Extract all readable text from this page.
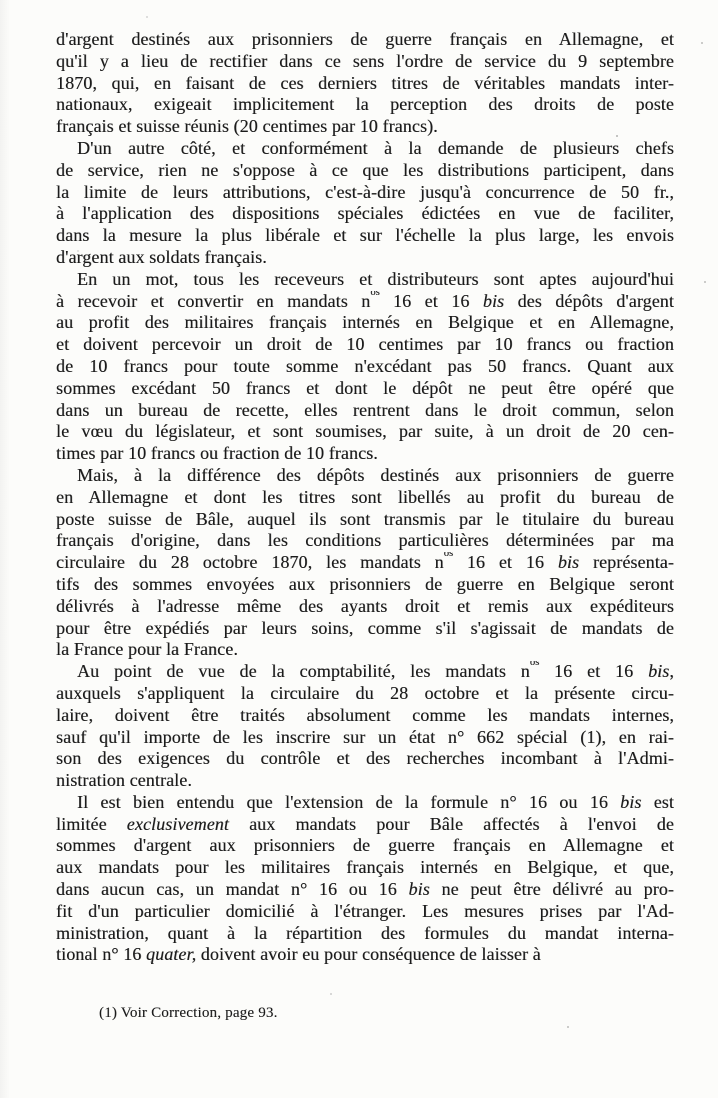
d'argent destinés aux prisonniers de guerre français en Allemagne, et
qu'il y a lieu de rectifier dans ce sens l'ordre de service du 9 septembre
1870, qui, en faisant de ces derniers titres de véritables mandats inter-
nationaux, exigeait implicitement la perception des droits de poste
français et suisse réunis (20 centimes par 10 francs).
D'un autre côté, et conformément à la demande de plusieurs chefs
de service, rien ne s'oppose à ce que les distributions participent, dans
la limite de leurs attributions, c'est-à-dire jusqu'à concurrence de 50 fr.,
à l'application des dispositions spéciales édictées en vue de faciliter,
dans la mesure la plus libérale et sur l'échelle la plus large, les envois
d'argent aux soldats français.
En un mot, tous les receveurs et distributeurs sont aptes aujourd'hui
à recevoir et convertir en mandats $n^{os}$ 16 et 16 bis des dépôts d'argent
au profit des militaires français internés en Belgique et en Allemagne,
et doivent percevoir un droit de 10 centimes par 10 francs ou fraction
de 10 francs pour toute somme n'excédant pas 50 francs. Quant aux
sommes excédant 50 francs et dont le dépôt ne peut être opéré que
dans un bureau de recette, elles rentrent dans le droit commun, selon
le vœu du législateur, et sont soumises, par suite, à un droit de 20 cen-
times par 10 francs ou fraction de 10 francs.
Mais, à la différence des dépôts destinés aux prisonniers de guerre
en Allemagne et dont les titres sont libellés au profit du bureau de
poste suisse de Bâle, auquel ils sont transmis par le titulaire du bureau
français d'origine, dans les conditions particulières déterminées par ma
circulaire du 28 octobre 1870, les mandats $n^{os}$ 16 et 16 bis représenta-
tifs des sommes envoyées aux prisonniers de guerre en Belgique seront
délivrés à l'adresse même des ayants droit et remis aux expéditeurs
pour être expédiés par leurs soins, comme s'il s'agissait de mandats de
la France pour la France.
Au point de vue de la comptabilité, les mandats $n^{os}$ 16 et 16 bis,
auxquels s'appliquent la circulaire du 28 octobre et la présente circu-
laire, doivent être traités absolument comme les mandats internes,
sauf qu'il importe de les inscrire sur un état n° 662 spécial (1), en rai-
son des exigences du contrôle et des recherches incombant à l'Admi-
nistration centrale.
Il est bien entendu que l'extension de la formule n° 16 ou 16 bis est
limitée exclusivement aux mandats pour Bâle affectés à l'envoi de
sommes d'argent aux prisonniers de guerre français en Allemagne et
aux mandats pour les militaires français internés en Belgique, et que,
dans aucun cas, un mandat n° 16 ou 16 bis ne peut être délivré au pro-
fit d'un particulier domicilié à l'étranger. Les mesures prises par l'Ad-
ministration, quant à la répartition des formules du mandat interna-
tional n° 16 quater, doivent avoir eu pour conséquence de laisser à
(1) Voir Correction, page 93.
